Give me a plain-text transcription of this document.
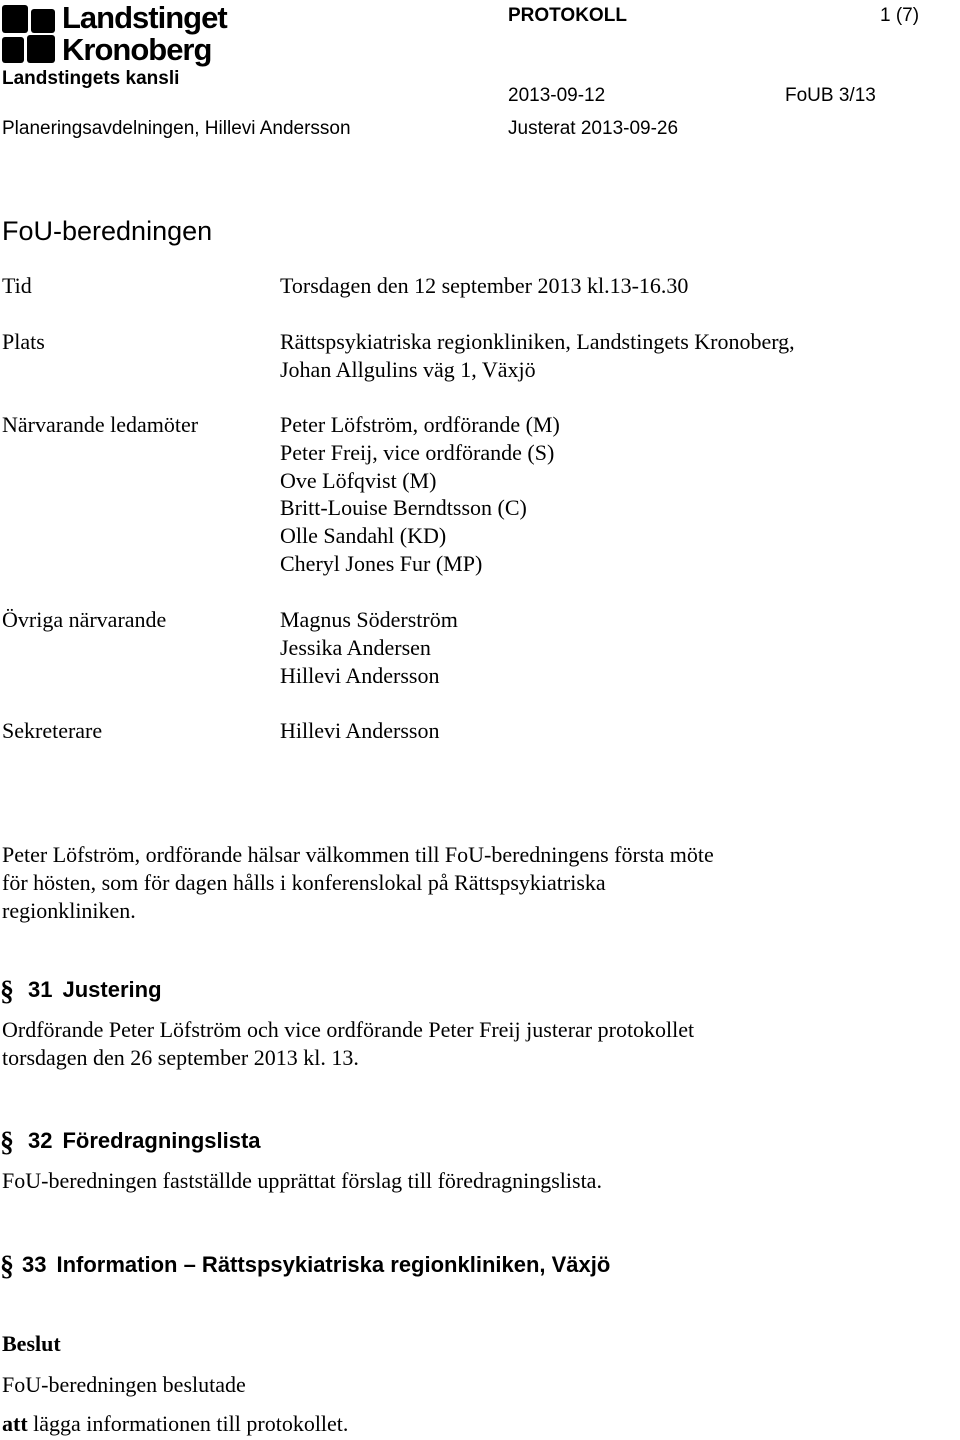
Landstinget
Kronoberg
PROTOKOLL	1 (7)
Landstingets kansli
2013-09-12	FoUB 3/13
Planeringsavdelningen, Hillevi Andersson	Justerat 2013-09-26
FoU-beredningen
Tid	Torsdagen den 12 september 2013 kl.13-16.30
Plats	Rättspsykiatriska regionkliniken, Landstingets Kronoberg,
Johan Allgulins väg 1, Växjö
Närvarande ledamöter	Peter Löfström, ordförande (M)
Peter Freij, vice ordförande (S)
Ove Löfqvist (M)
Britt-Louise Berndtsson (C)
Olle Sandahl (KD)
Cheryl Jones Fur (MP)
Övriga närvarande	Magnus Söderström
Jessika Andersen
Hillevi Andersson
Sekreterare	Hillevi Andersson
Peter Löfström, ordförande hälsar välkommen till FoU-beredningens första möte
för hösten, som för dagen hålls i konferenslokal på Rättspsykiatriska
regionkliniken.
§ 31 Justering
Ordförande Peter Löfström och vice ordförande Peter Freij justerar protokollet
torsdagen den 26 september 2013 kl. 13.
§ 32 Föredragningslista
FoU-beredningen fastställde upprättat förslag till föredragningslista.
§ 33 Information – Rättspsykiatriska regionkliniken, Växjö
Beslut
FoU-beredningen beslutade
att lägga informationen till protokollet.
